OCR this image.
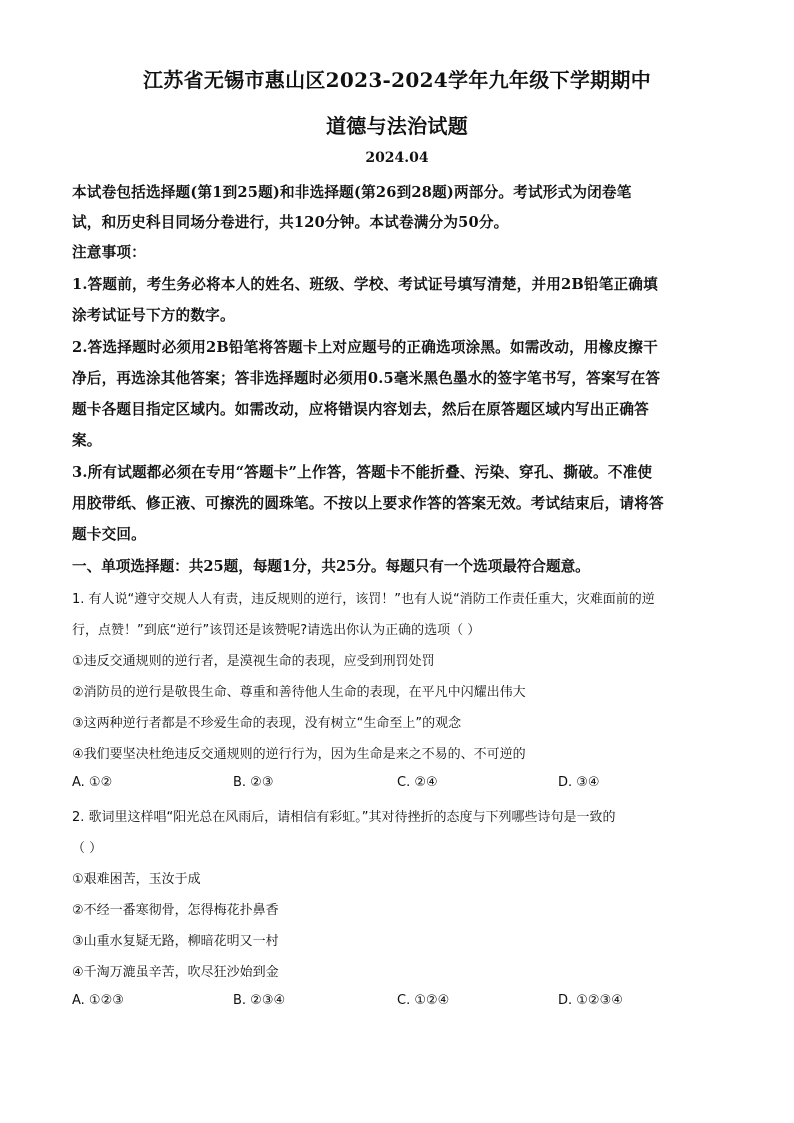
江苏省无锡市惠山区2023-2024学年九年级下学期期中
道德与法治试题
2024.04
本试卷包括选择题(第1到25题)和非选择题(第26到28题)两部分。考试形式为闭卷笔
试，和历史科目同场分卷进行，共120分钟。本试卷满分为50分。
注意事项：
1.答题前，考生务必将本人的姓名、班级、学校、考试证号填写清楚，并用2B铅笔正确填
涂考试证号下方的数字。
2.答选择题时必须用2B铅笔将答题卡上对应题号的正确选项涂黑。如需改动，用橡皮擦干
净后，再选涂其他答案；答非选择题时必须用0.5毫米黑色墨水的签字笔书写，答案写在答
题卡各题目指定区域内。如需改动，应将错误内容划去，然后在原答题区域内写出正确答
案。
3.所有试题都必须在专用“答题卡”上作答，答题卡不能折叠、污染、穿孔、撕破。不准使
用胶带纸、修正液、可擦洗的圆珠笔。不按以上要求作答的答案无效。考试结束后，请将答
题卡交回。
一、单项选择题：共25题，每题1分，共25分。每题只有一个选项最符合题意。
1. 有人说“遵守交规人人有责，违反规则的逆行，该罚！”也有人说“消防工作责任重大，灾难面前的逆
行，点赞！”到底“逆行”该罚还是该赞呢?请选出你认为正确的选项（ ）
①违反交通规则的逆行者，是漠视生命的表现，应受到刑罚处罚
②消防员的逆行是敬畏生命、尊重和善待他人生命的表现，在平凡中闪耀出伟大
③这两种逆行者都是不珍爱生命的表现，没有树立“生命至上”的观念
④我们要坚决杜绝违反交通规则的逆行行为，因为生命是来之不易的、不可逆的
A. ①②	B. ②③	C. ②④	D. ③④
2. 歌词里这样唱“阳光总在风雨后，请相信有彩虹。”其对待挫折的态度与下列哪些诗句是一致的
（ ）
①艰难困苦，玉汝于成
②不经一番寒彻骨，怎得梅花扑鼻香
③山重水复疑无路，柳暗花明又一村
④千淘万漉虽辛苦，吹尽狂沙始到金
A. ①②③	B. ②③④	C. ①②④	D. ①②③④
